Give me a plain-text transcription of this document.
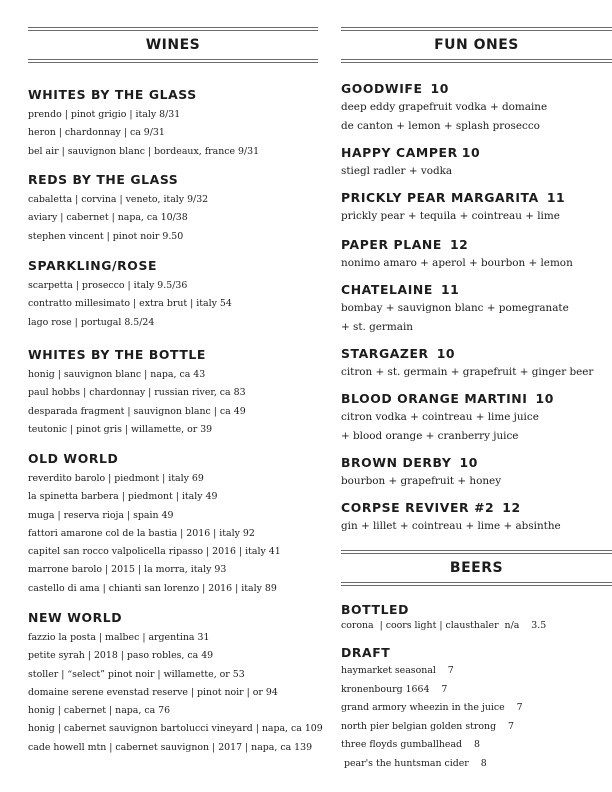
WINES
WHITES BY THE GLASS
prendo | pinot grigio | italy 8/31
heron | chardonnay | ca 9/31
bel air | sauvignon blanc | bordeaux, france 9/31
REDS BY THE GLASS
cabaletta | corvina | veneto, italy 9/32
aviary | cabernet | napa, ca 10/38
stephen vincent | pinot noir 9.50
SPARKLING/ROSE
scarpetta | prosecco | italy 9.5/36
contratto millesimato | extra brut | italy 54
lago rose | portugal 8.5/24
WHITES BY THE BOTTLE
honig | sauvignon blanc | napa, ca 43
paul hobbs | chardonnay | russian river, ca 83
desparada fragment | sauvignon blanc | ca 49
teutonic | pinot gris | willamette, or 39
OLD WORLD
reverdito barolo | piedmont | italy 69
la spinetta barbera | piedmont | italy 49
muga | reserva rioja | spain 49
fattori amarone col de la bastia | 2016 | italy 92
capitel san rocco valpolicella ripasso | 2016 | italy 41
marrone barolo | 2015 | la morra, italy 93
castello di ama | chianti san lorenzo | 2016 | italy 89
NEW WORLD
fazzio la posta | malbec | argentina 31
petite syrah | 2018 | paso robles, ca 49
stoller | “select” pinot noir | willamette, or 53
domaine serene evenstad reserve | pinot noir | or 94
honig | cabernet | napa, ca 76
honig | cabernet sauvignon bartolucci vineyard | napa, ca 109
cade howell mtn | cabernet sauvignon | 2017 | napa, ca 139
FUN ONES
GOODWIFE 10
deep eddy grapefruit vodka + domaine
de canton + lemon + splash prosecco
HAPPY CAMPER 10
stiegl radler + vodka
PRICKLY PEAR MARGARITA 11
prickly pear + tequila + cointreau + lime
PAPER PLANE 12
nonimo amaro + aperol + bourbon + lemon
CHATELAINE 11
bombay + sauvignon blanc + pomegranate
+ st. germain
STARGAZER 10
citron + st. germain + grapefruit + ginger beer
BLOOD ORANGE MARTINI 10
citron vodka + cointreau + lime juice
+ blood orange + cranberry juice
BROWN DERBY 10
bourbon + grapefruit + honey
CORPSE REVIVER #2 12
gin + lillet + cointreau + lime + absinthe
BEERS
BOTTLED
corona  | coors light | clausthaler  n/a    3.5
DRAFT
haymarket seasonal    7
kronenbourg 1664    7
grand armory wheezin in the juice    7
north pier belgian golden strong    7
three floyds gumballhead    8
pear's the huntsman cider    8
